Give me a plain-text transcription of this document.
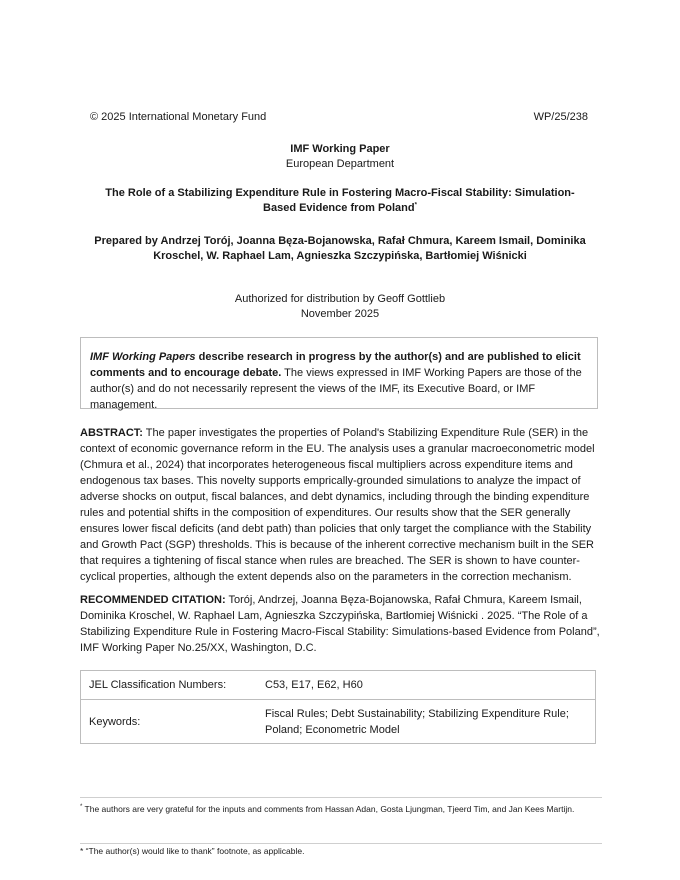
© 2025 International Monetary Fund	WP/25/238
IMF Working Paper
European Department
The Role of a Stabilizing Expenditure Rule in Fostering Macro-Fiscal Stability: Simulation-Based Evidence from Poland*
Prepared by Andrzej Torój, Joanna Bęza-Bojanowska, Rafał Chmura, Kareem Ismail, Dominika Kroschel, W. Raphael Lam, Agnieszka Szczypińska, Bartłomiej Wiśnicki
Authorized for distribution by Geoff Gottlieb
November 2025
IMF Working Papers describe research in progress by the author(s) and are published to elicit comments and to encourage debate. The views expressed in IMF Working Papers are those of the author(s) and do not necessarily represent the views of the IMF, its Executive Board, or IMF management.
ABSTRACT: The paper investigates the properties of Poland's Stabilizing Expenditure Rule (SER) in the context of economic governance reform in the EU. The analysis uses a granular macroeconometric model (Chmura et al., 2024) that incorporates heterogeneous fiscal multipliers across expenditure items and endogenous tax bases. This novelty supports emprically-grounded simulations to analyze the impact of adverse shocks on output, fiscal balances, and debt dynamics, including through the binding expenditure rules and potential shifts in the composition of expenditures. Our results show that the SER generally ensures lower fiscal deficits (and debt path) than policies that only target the compliance with the Stability and Growth Pact (SGP) thresholds. This is because of the inherent corrective mechanism built in the SER that requires a tightening of fiscal stance when rules are breached. The SER is shown to have counter-cyclical properties, although the extent depends also on the parameters in the correction mechanism.
RECOMMENDED CITATION: Torój, Andrzej, Joanna Bęza-Bojanowska, Rafał Chmura, Kareem Ismail, Dominika Kroschel, W. Raphael Lam, Agnieszka Szczypińska, Bartłomiej Wiśnicki . 2025. “The Role of a Stabilizing Expenditure Rule in Fostering Macro-Fiscal Stability: Simulations-based Evidence from Poland”, IMF Working Paper No.25/XX, Washington, D.C.
JEL Classification Numbers:	C53, E17, E62, H60
Keywords:	Fiscal Rules; Debt Sustainability; Stabilizing Expenditure Rule; Poland; Econometric Model
* The authors are very grateful for the inputs and comments from Hassan Adan, Gosta Ljungman, Tjeerd Tim, and Jan Kees Martijn.
* “The author(s) would like to thank” footnote, as applicable.
